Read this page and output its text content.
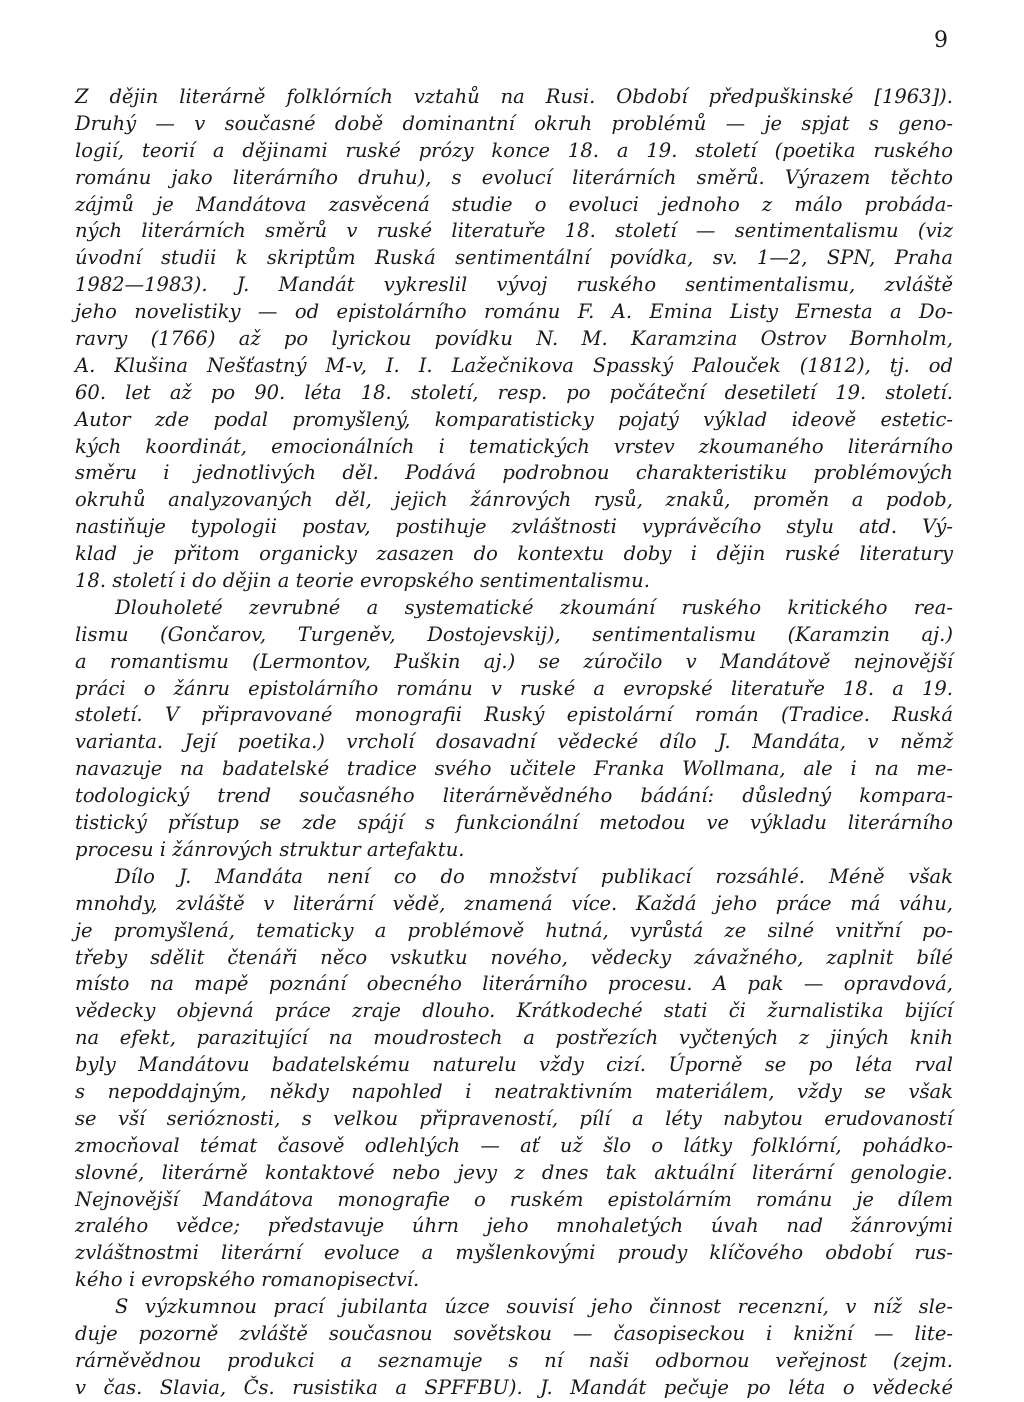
9

Z dějin literárně folklórních vztahů na Rusi. Období předpuškinské [1963]).
Druhý — v současné době dominantní okruh problémů — je spjat s geno-
logií, teorií a dějinami ruské prózy konce 18. a 19. století (poetika ruského
románu jako literárního druhu), s evolucí literárních směrů. Výrazem těchto
zájmů je Mandátova zasvěcená studie o evoluci jednoho z málo probáda-
ných literárních směrů v ruské literatuře 18. století — sentimentalismu (viz
úvodní studii k skriptům Ruská sentimentální povídka, sv. 1—2, SPN, Praha
1982—1983). J. Mandát vykreslil vývoj ruského sentimentalismu, zvláště
jeho novelistiky — od epistolárního románu F. A. Emina Listy Ernesta a Do-
ravry (1766) až po lyrickou povídku N. M. Karamzina Ostrov Bornholm,
A. Klušina Nešťastný M-v, I. I. Lažečnikova Spasský Palouček (1812), tj. od
60. let až po 90. léta 18. století, resp. po počáteční desetiletí 19. století.
Autor zde podal promyšlený, komparatisticky pojatý výklad ideově estetic-
kých koordinát, emocionálních i tematických vrstev zkoumaného literárního
směru i jednotlivých děl. Podává podrobnou charakteristiku problémových
okruhů analyzovaných děl, jejich žánrových rysů, znaků, proměn a podob,
nastiňuje typologii postav, postihuje zvláštnosti vyprávěcího stylu atd. Vý-
klad je přitom organicky zasazen do kontextu doby i dějin ruské literatury
18. století i do dějin a teorie evropského sentimentalismu.

Dlouholeté zevrubné a systematické zkoumání ruského kritického rea-
lismu (Gončarov, Turgeněv, Dostojevskij), sentimentalismu (Karamzin aj.)
a romantismu (Lermontov, Puškin aj.) se zúročilo v Mandátově nejnovější
práci o žánru epistolárního románu v ruské a evropské literatuře 18. a 19.
století. V připravované monografii Ruský epistolární román (Tradice. Ruská
varianta. Její poetika.) vrcholí dosavadní vědecké dílo J. Mandáta, v němž
navazuje na badatelské tradice svého učitele Franka Wollmana, ale i na me-
todologický trend současného literárněvědného bádání: důsledný kompara-
tistický přístup se zde spájí s funkcionální metodou ve výkladu literárního
procesu i žánrových struktur artefaktu.

Dílo J. Mandáta není co do množství publikací rozsáhlé. Méně však
mnohdy, zvláště v literární vědě, znamená více. Každá jeho práce má váhu,
je promyšlená, tematicky a problémově hutná, vyrůstá ze silné vnitřní po-
třeby sdělit čtenáři něco vskutku nového, vědecky závažného, zaplnit bílé
místo na mapě poznání obecného literárního procesu. A pak — opravdová,
vědecky objevná práce zraje dlouho. Krátkodeché stati či žurnalistika bijící
na efekt, parazitující na moudrostech a postřezích vyčtených z jiných knih
byly Mandátovu badatelskému naturelu vždy cizí. Úporně se po léta rval
s nepoddajným, někdy napohled i neatraktivním materiálem, vždy se však
se vší serióznosti, s velkou připraveností, pílí a léty nabytou erudovaností
zmocňoval témat časově odlehlých — ať už šlo o látky folklórní, pohádko-
slovné, literárně kontaktové nebo jevy z dnes tak aktuální literární genologie.
Nejnovější Mandátova monografie o ruském epistolárním románu je dílem
zralého vědce; představuje úhrn jeho mnohaletých úvah nad žánrovými
zvláštnostmi literární evoluce a myšlenkovými proudy klíčového období rus-
kého i evropského romanopisectví.

S výzkumnou prací jubilanta úzce souvisí jeho činnost recenzní, v níž sle-
duje pozorně zvláště současnou sovětskou — časopiseckou i knižní — lite-
rárněvědnou produkci a seznamuje s ní naši odbornou veřejnost (zejm.
v čas. Slavia, Čs. rusistika a SPFFBU). J. Mandát pečuje po léta o vědecké
